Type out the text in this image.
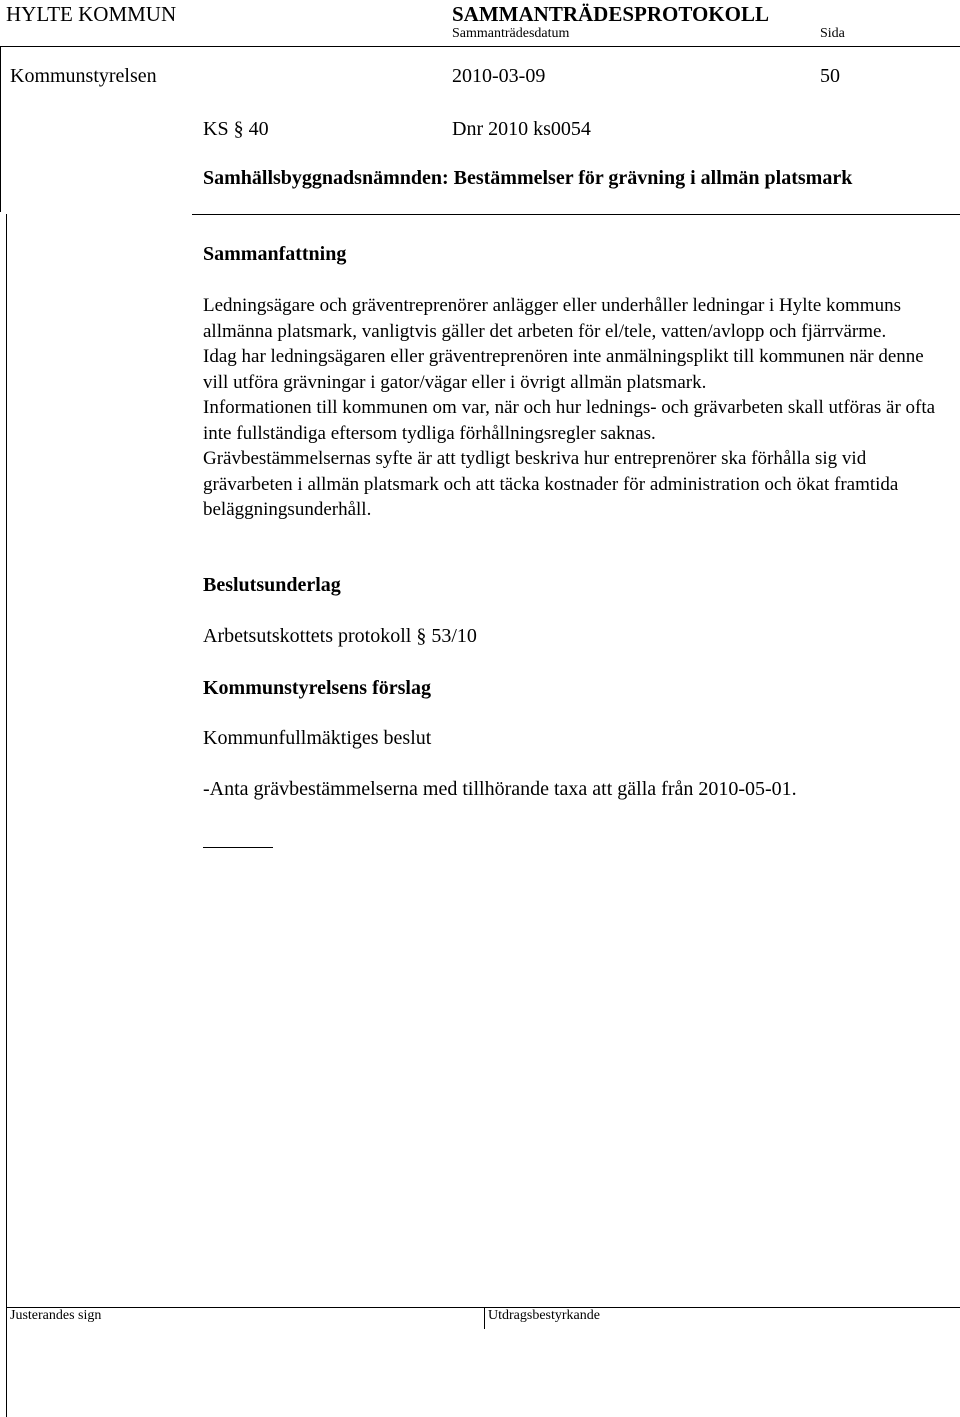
HYLTE KOMMUN	SAMMANTRÄDESPROTOKOLL
Sammanträdesdatum	Sida
Kommunstyrelsen	2010-03-09	50
KS § 40	Dnr 2010 ks0054
Samhällsbyggnadsnämnden: Bestämmelser för grävning i allmän platsmark
Sammanfattning

Ledningsägare och gräventreprenörer anlägger eller underhåller ledningar i Hylte kommuns allmänna platsmark, vanligtvis gäller det arbeten för el/tele, vatten/avlopp och fjärrvärme.

Idag har ledningsägaren eller gräventreprenören inte anmälningsplikt till kommunen när denne vill utföra grävningar i gator/vägar eller i övrigt allmän platsmark.

Informationen till kommunen om var, när och hur lednings- och grävarbeten skall utföras är ofta inte fullständiga eftersom tydliga förhållningsregler saknas.

Grävbestämmelsernas syfte är att tydligt beskriva hur entreprenörer ska förhålla sig vid grävarbeten i allmän platsmark och att täcka kostnader för administration och ökat framtida beläggningsunderhåll.

Beslutsunderlag
Arbetsutskottets protokoll § 53/10
Kommunstyrelsens förslag
Kommunfullmäktiges beslut
-Anta grävbestämmelserna med tillhörande taxa att gälla från 2010-05-01.
Justerandes sign	Utdragsbestyrkande
